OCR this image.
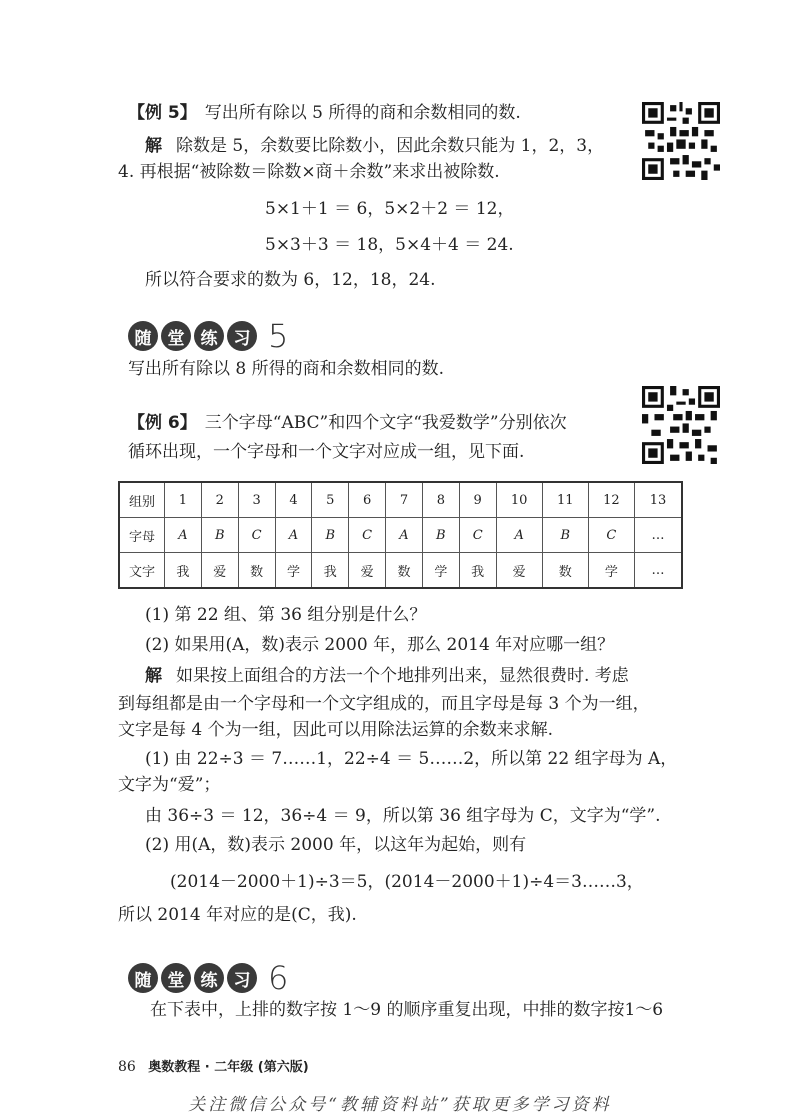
【例 5】 写出所有除以 5 所得的商和余数相同的数.
解 除数是 5，余数要比除数小，因此余数只能为 1，2，3，
4. 再根据“被除数＝除数×商＋余数”来求出被除数.
5×1＋1 ＝ 6，5×2＋2 ＝ 12，
5×3＋3 ＝ 18，5×4＋4 ＝ 24.
所以符合要求的数为 6，12，18，24.
随 堂 练 习 5
写出所有除以 8 所得的商和余数相同的数.
【例 6】 三个字母“ABC”和四个文字“我爱数学”分别依次
循环出现，一个字母和一个文字对应成一组，见下面.
组别	1	2	3	4	5	6	7	8	9	10	11	12	13
字母	A	B	C	A	B	C	A	B	C	A	B	C	…
文字	我	爱	数	学	我	爱	数	学	我	爱	数	学	…
(1) 第 22 组、第 36 组分别是什么？
(2) 如果用(A，数)表示 2000 年，那么 2014 年对应哪一组？
解 如果按上面组合的方法一个个地排列出来，显然很费时. 考虑
到每组都是由一个字母和一个文字组成的，而且字母是每 3 个为一组，
文字是每 4 个为一组，因此可以用除法运算的余数来求解.
(1) 由 22÷3 ＝ 7……1，22÷4 ＝ 5……2，所以第 22 组字母为 A，
文字为“爱”；
由 36÷3 ＝ 12，36÷4 ＝ 9，所以第 36 组字母为 C，文字为“学”.
(2) 用(A，数)表示 2000 年，以这年为起始，则有
(2014－2000＋1)÷3＝5，(2014－2000＋1)÷4＝3……3，
所以 2014 年对应的是(C，我).
随 堂 练 习 6
在下表中，上排的数字按 1～9 的顺序重复出现，中排的数字按1～6
86 奥数教程 · 二年级 (第六版)
关注微信公众号“教辅资料站”获取更多学习资料
